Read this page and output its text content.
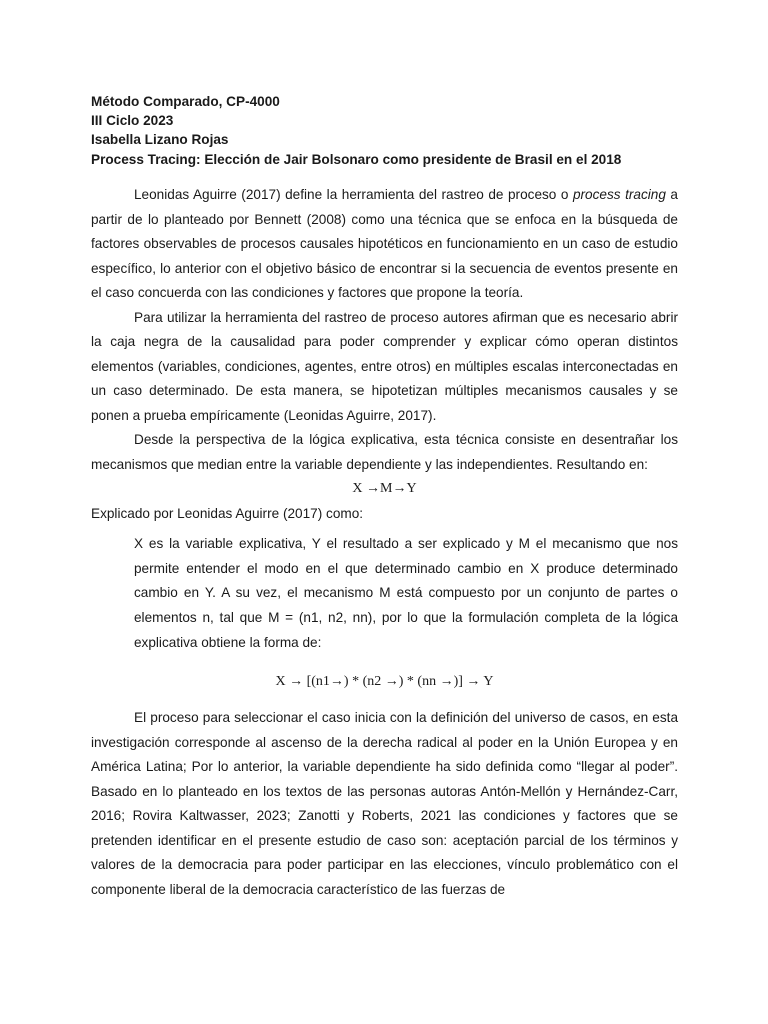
Método Comparado, CP-4000
III Ciclo 2023
Isabella Lizano Rojas
Process Tracing: Elección de Jair Bolsonaro como presidente de Brasil en el 2018

Leonidas Aguirre (2017) define la herramienta del rastreo de proceso o process tracing a partir de lo planteado por Bennett (2008) como una técnica que se enfoca en la búsqueda de factores observables de procesos causales hipotéticos en funcionamiento en un caso de estudio específico, lo anterior con el objetivo básico de encontrar si la secuencia de eventos presente en el caso concuerda con las condiciones y factores que propone la teoría.

Para utilizar la herramienta del rastreo de proceso autores afirman que es necesario abrir la caja negra de la causalidad para poder comprender y explicar cómo operan distintos elementos (variables, condiciones, agentes, entre otros) en múltiples escalas interconectadas en un caso determinado. De esta manera, se hipotetizan múltiples mecanismos causales y se ponen a prueba empíricamente (Leonidas Aguirre, 2017).

Desde la perspectiva de la lógica explicativa, esta técnica consiste en desentrañar los mecanismos que median entre la variable dependiente y las independientes. Resultando en:

X →M→Y

Explicado por Leonidas Aguirre (2017) como:

X es la variable explicativa, Y el resultado a ser explicado y M el mecanismo que nos permite entender el modo en el que determinado cambio en X produce determinado cambio en Y. A su vez, el mecanismo M está compuesto por un conjunto de partes o elementos n, tal que M = (n1, n2, nn), por lo que la formulación completa de la lógica explicativa obtiene la forma de:

X → [(n1→) * (n2 →) * (nn →)] → Y

El proceso para seleccionar el caso inicia con la definición del universo de casos, en esta investigación corresponde al ascenso de la derecha radical al poder en la Unión Europea y en América Latina; Por lo anterior, la variable dependiente ha sido definida como “llegar al poder”. Basado en lo planteado en los textos de las personas autoras Antón-Mellón y Hernández-Carr, 2016; Rovira Kaltwasser, 2023; Zanotti y Roberts, 2021 las condiciones y factores que se pretenden identificar en el presente estudio de caso son: aceptación parcial de los términos y valores de la democracia para poder participar en las elecciones, vínculo problemático con el componente liberal de la democracia característico de las fuerzas de
